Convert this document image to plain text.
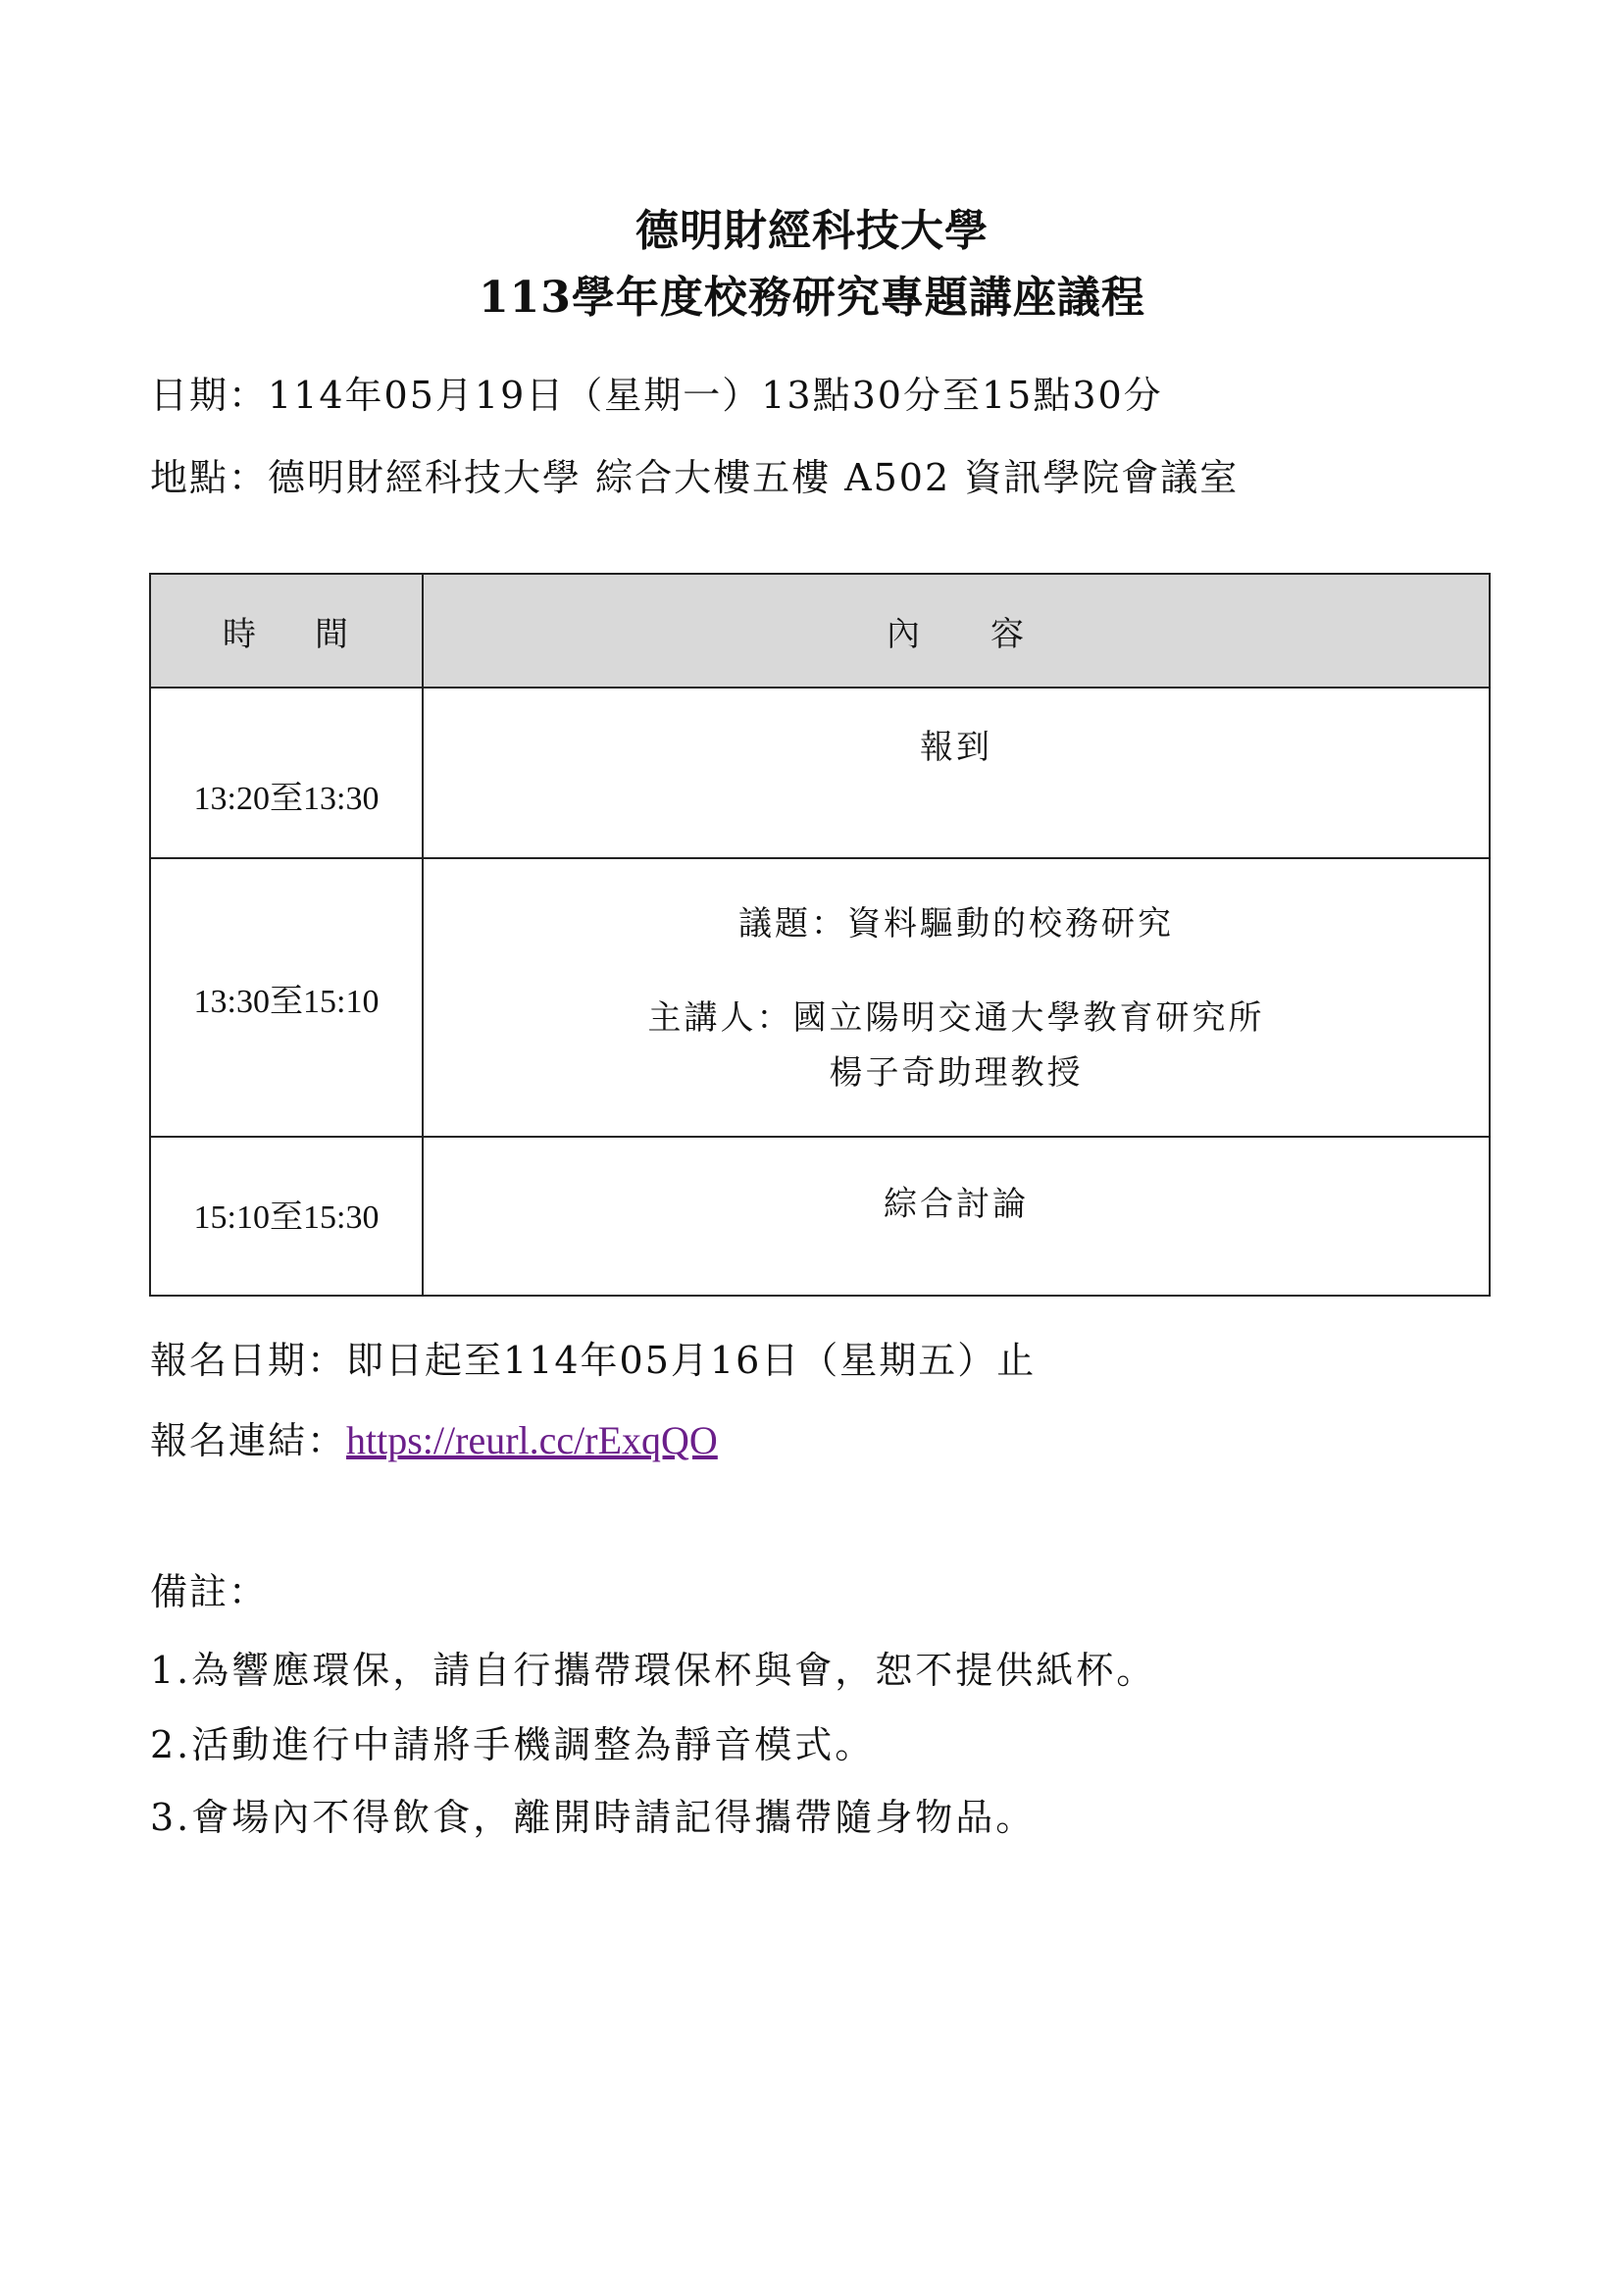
德明財經科技大學
113學年度校務研究專題講座議程
日期：114年05月19日（星期一）13點30分至15點30分
地點：德明財經科技大學 綜合大樓五樓 A502 資訊學院會議室
時 間	內 容
13:20至13:30	報到

13:30至15:10	議題：資料驅動的校務研究
主講人：國立陽明交通大學教育研究所
楊子奇助理教授

15:10至15:30	綜合討論
報名日期：即日起至114年05月16日（星期五）止
報名連結：https://reurl.cc/rExqQO
備註：
1.為響應環保，請自行攜帶環保杯與會，恕不提供紙杯。
2.活動進行中請將手機調整為靜音模式。
3.會場內不得飲食，離開時請記得攜帶隨身物品。
